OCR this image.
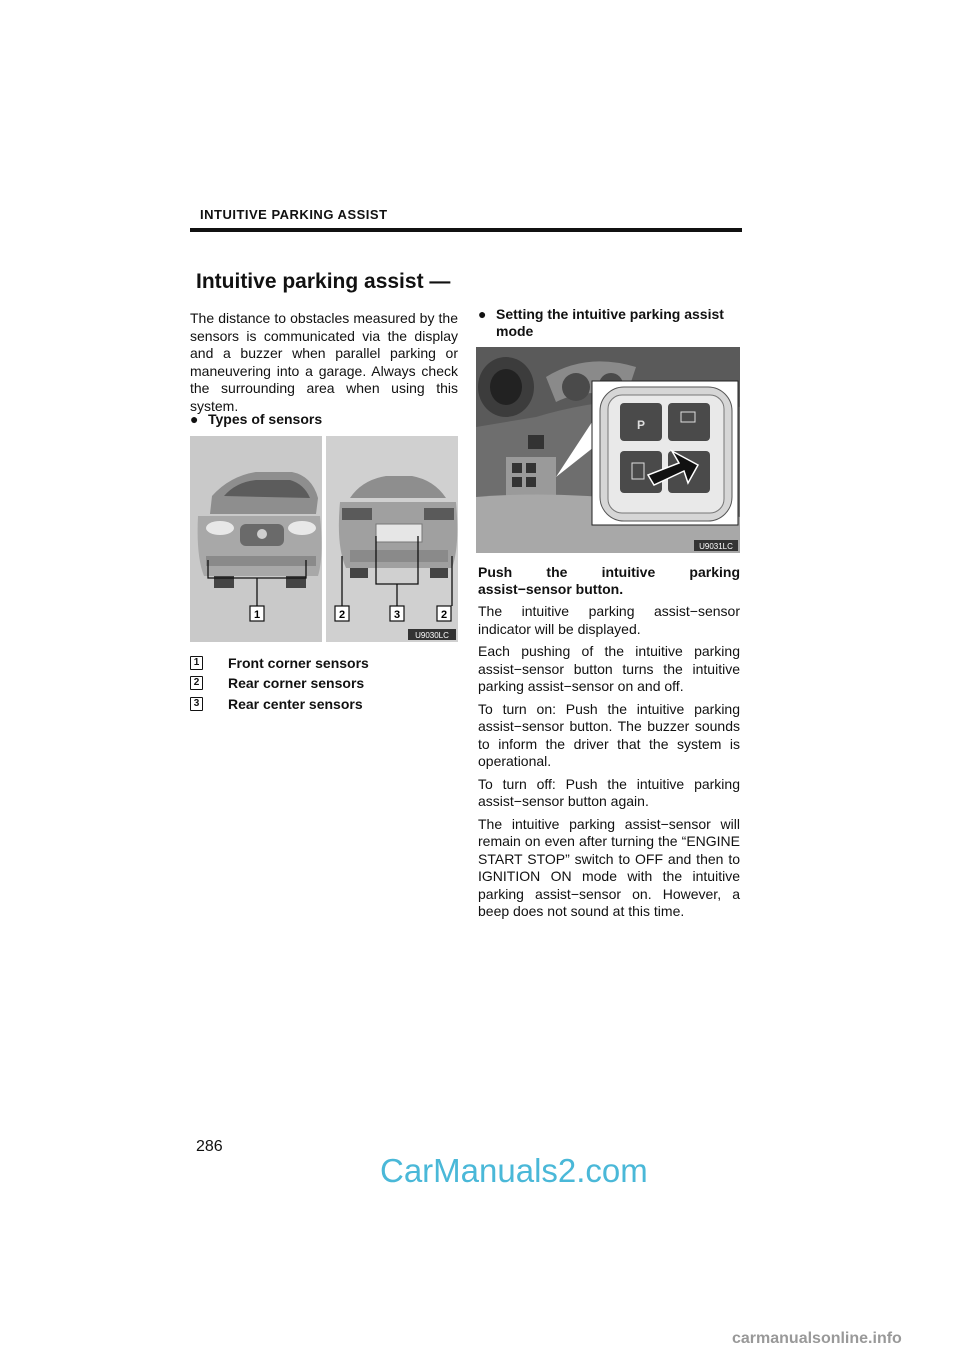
INTUITIVE PARKING ASSIST
Intuitive parking assist —
The distance to obstacles measured by the sensors is communicated via the display and a buzzer when parallel parking or maneuvering into a garage. Always check the surrounding area when using this system.
● Types of sensors
1	2	3	2
U9030LC
1 Front corner sensors
2 Rear corner sensors
3 Rear center sensors
● Setting the intuitive parking assist mode
P
U9031LC

Push the intuitive parking assist−sensor button.

The intuitive parking assist−sensor indicator will be displayed.

Each pushing of the intuitive parking assist−sensor button turns the intuitive parking assist−sensor on and off.

To turn on: Push the intuitive parking assist−sensor button. The buzzer sounds to inform the driver that the system is operational.

To turn off: Push the intuitive parking assist−sensor button again.

The intuitive parking assist−sensor will remain on even after turning the “ENGINE START STOP” switch to OFF and then to IGNITION ON mode with the intuitive parking assist−sensor on. However, a beep does not sound at this time.

286
CarManuals2.com
carmanualsonline.info
